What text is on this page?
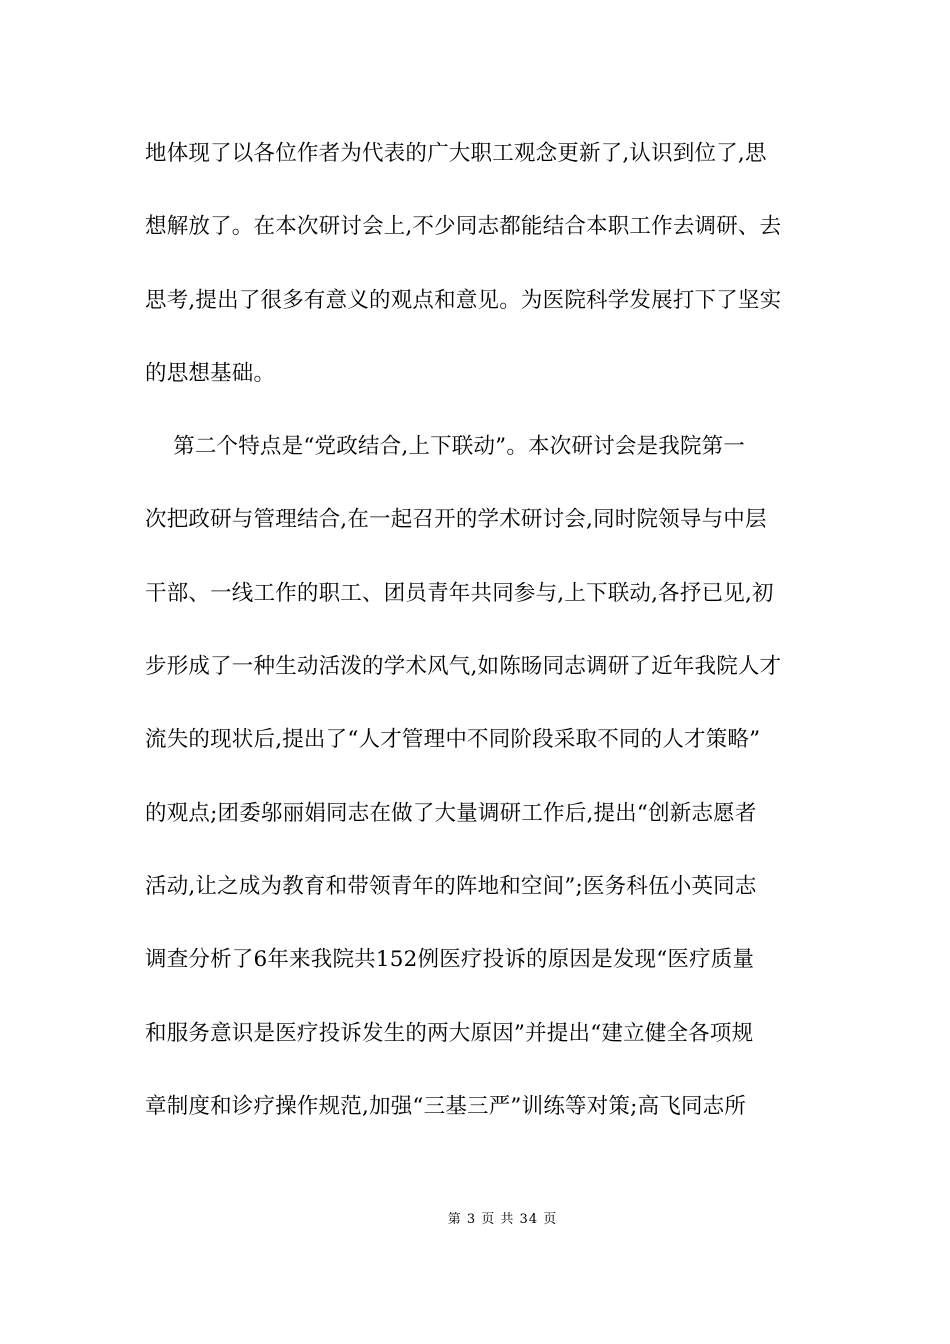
地体现了以各位作者为代表的广大职工观念更新了,认识到位了,思
想解放了。在本次研讨会上,不少同志都能结合本职工作去调研、去
思考,提出了很多有意义的观点和意见。为医院科学发展打下了坚实
的思想基础。
第二个特点是“党政结合,上下联动”。本次研讨会是我院第一
次把政研与管理结合,在一起召开的学术研讨会,同时院领导与中层
干部、一线工作的职工、团员青年共同参与,上下联动,各抒已见,初
步形成了一种生动活泼的学术风气,如陈旸同志调研了近年我院人才
流失的现状后,提出了“人才管理中不同阶段采取不同的人才策略”
的观点;团委邬丽娟同志在做了大量调研工作后,提出“创新志愿者
活动,让之成为教育和带领青年的阵地和空间”;医务科伍小英同志
调查分析了6年来我院共152例医疗投诉的原因是发现“医疗质量
和服务意识是医疗投诉发生的两大原因”并提出“建立健全各项规
章制度和诊疗操作规范,加强“三基三严”训练等对策;高飞同志所
第 3 页 共 34 页
